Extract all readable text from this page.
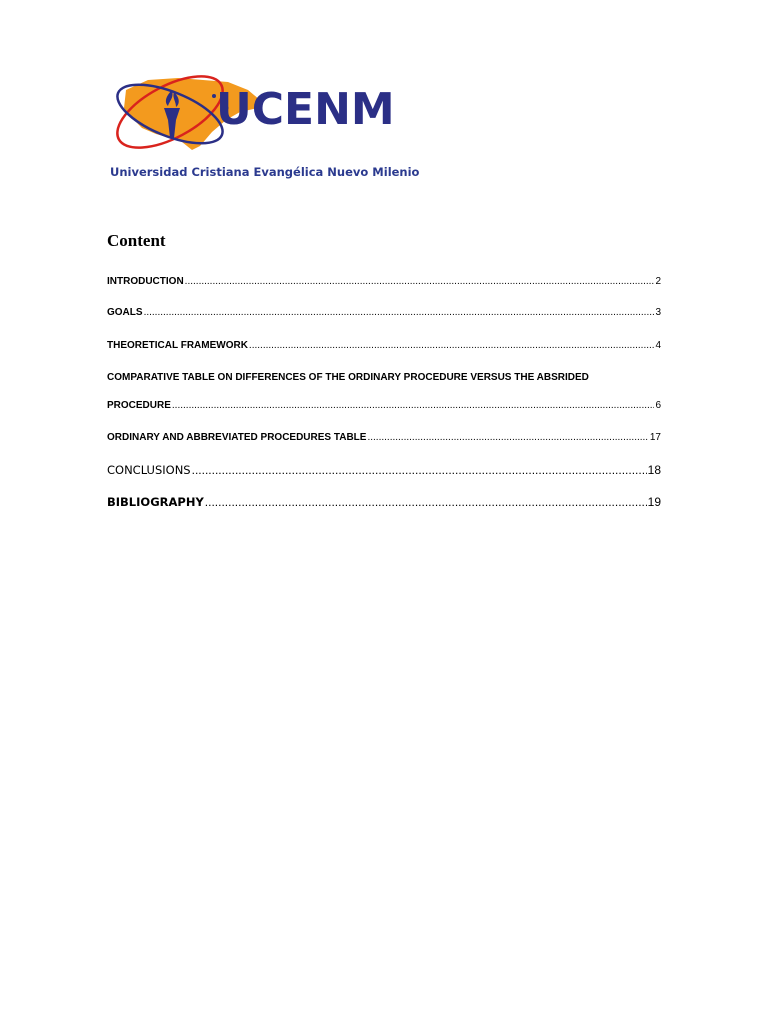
UCENM
Universidad Cristiana Evangélica Nuevo Milenio
Content
INTRODUCTION .....	2
GOALS .....	3
THEORETICAL FRAMEWORK .....	4
COMPARATIVE TABLE ON DIFFERENCES OF THE ORDINARY PROCEDURE VERSUS THE ABSRIDED
PROCEDURE .....	6
ORDINARY AND ABBREVIATED PROCEDURES TABLE .....	17
CONCLUSIONS .....	18
BIBLIOGRAPHY .....	19
